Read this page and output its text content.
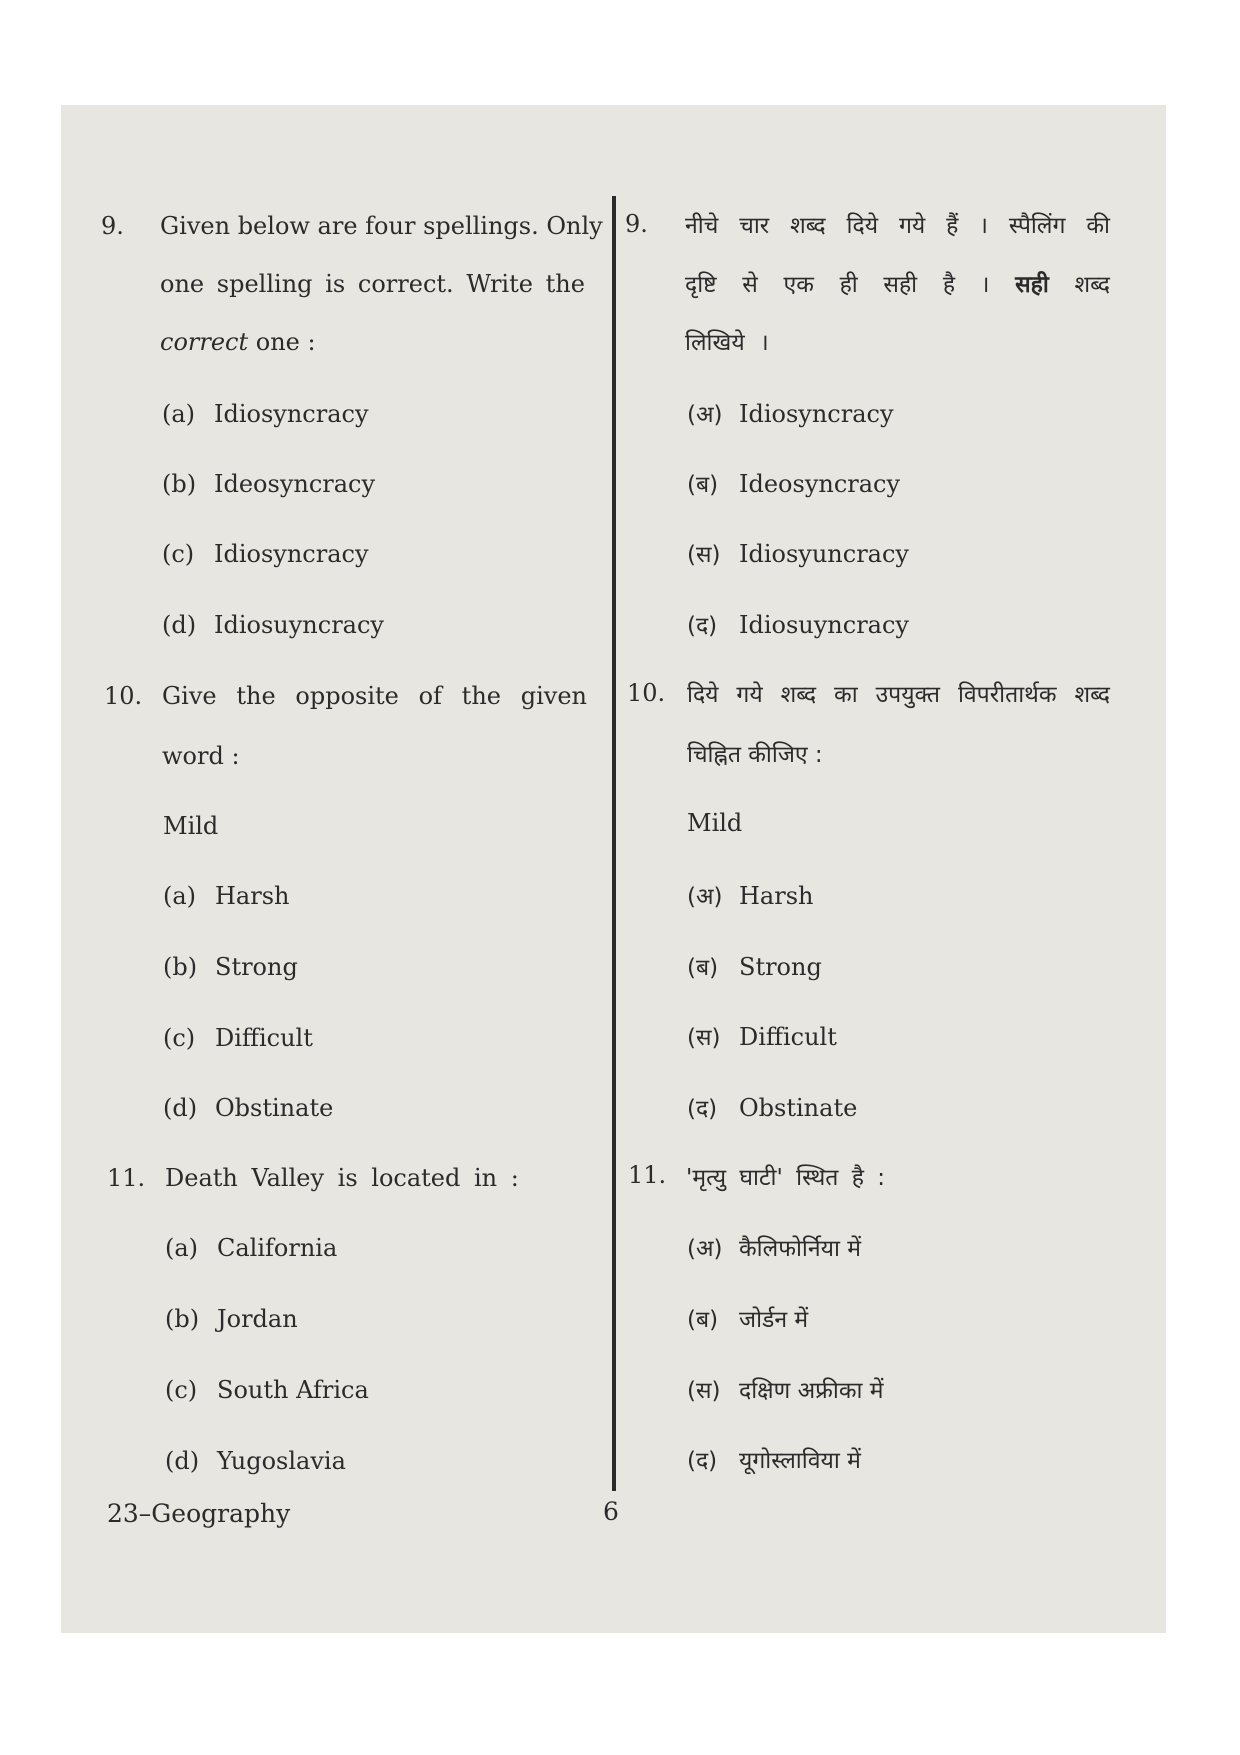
9. Given below are four spellings. Only
one spelling is correct. Write the
correct one :
(a) Idiosyncracy
(b) Ideosyncracy
(c) Idiosyncracy
(d) Idiosuyncracy
10. Give the opposite of the given
word :
Mild
(a) Harsh
(b) Strong
(c) Difficult
(d) Obstinate
11. Death Valley is located in :
(a) California
(b) Jordan
(c) South Africa
(d) Yugoslavia
9. नीचे चार शब्द दिये गये हैं । स्पैलिंग की
दृष्टि से एक ही सही है । सही शब्द
लिखिये ।
(अ) Idiosyncracy
(ब) Ideosyncracy
(स) Idiosyuncracy
(द) Idiosuyncracy
10. दिये गये शब्द का उपयुक्त विपरीतार्थक शब्द
चिह्नित कीजिए :
Mild
(अ) Harsh
(ब) Strong
(स) Difficult
(द) Obstinate
11. 'मृत्यु घाटी' स्थित है :
(अ) कैलिफोर्निया में
(ब) जोर्डन में
(स) दक्षिण अफ्रीका में
(द) यूगोस्लाविया में
23–Geography	6
